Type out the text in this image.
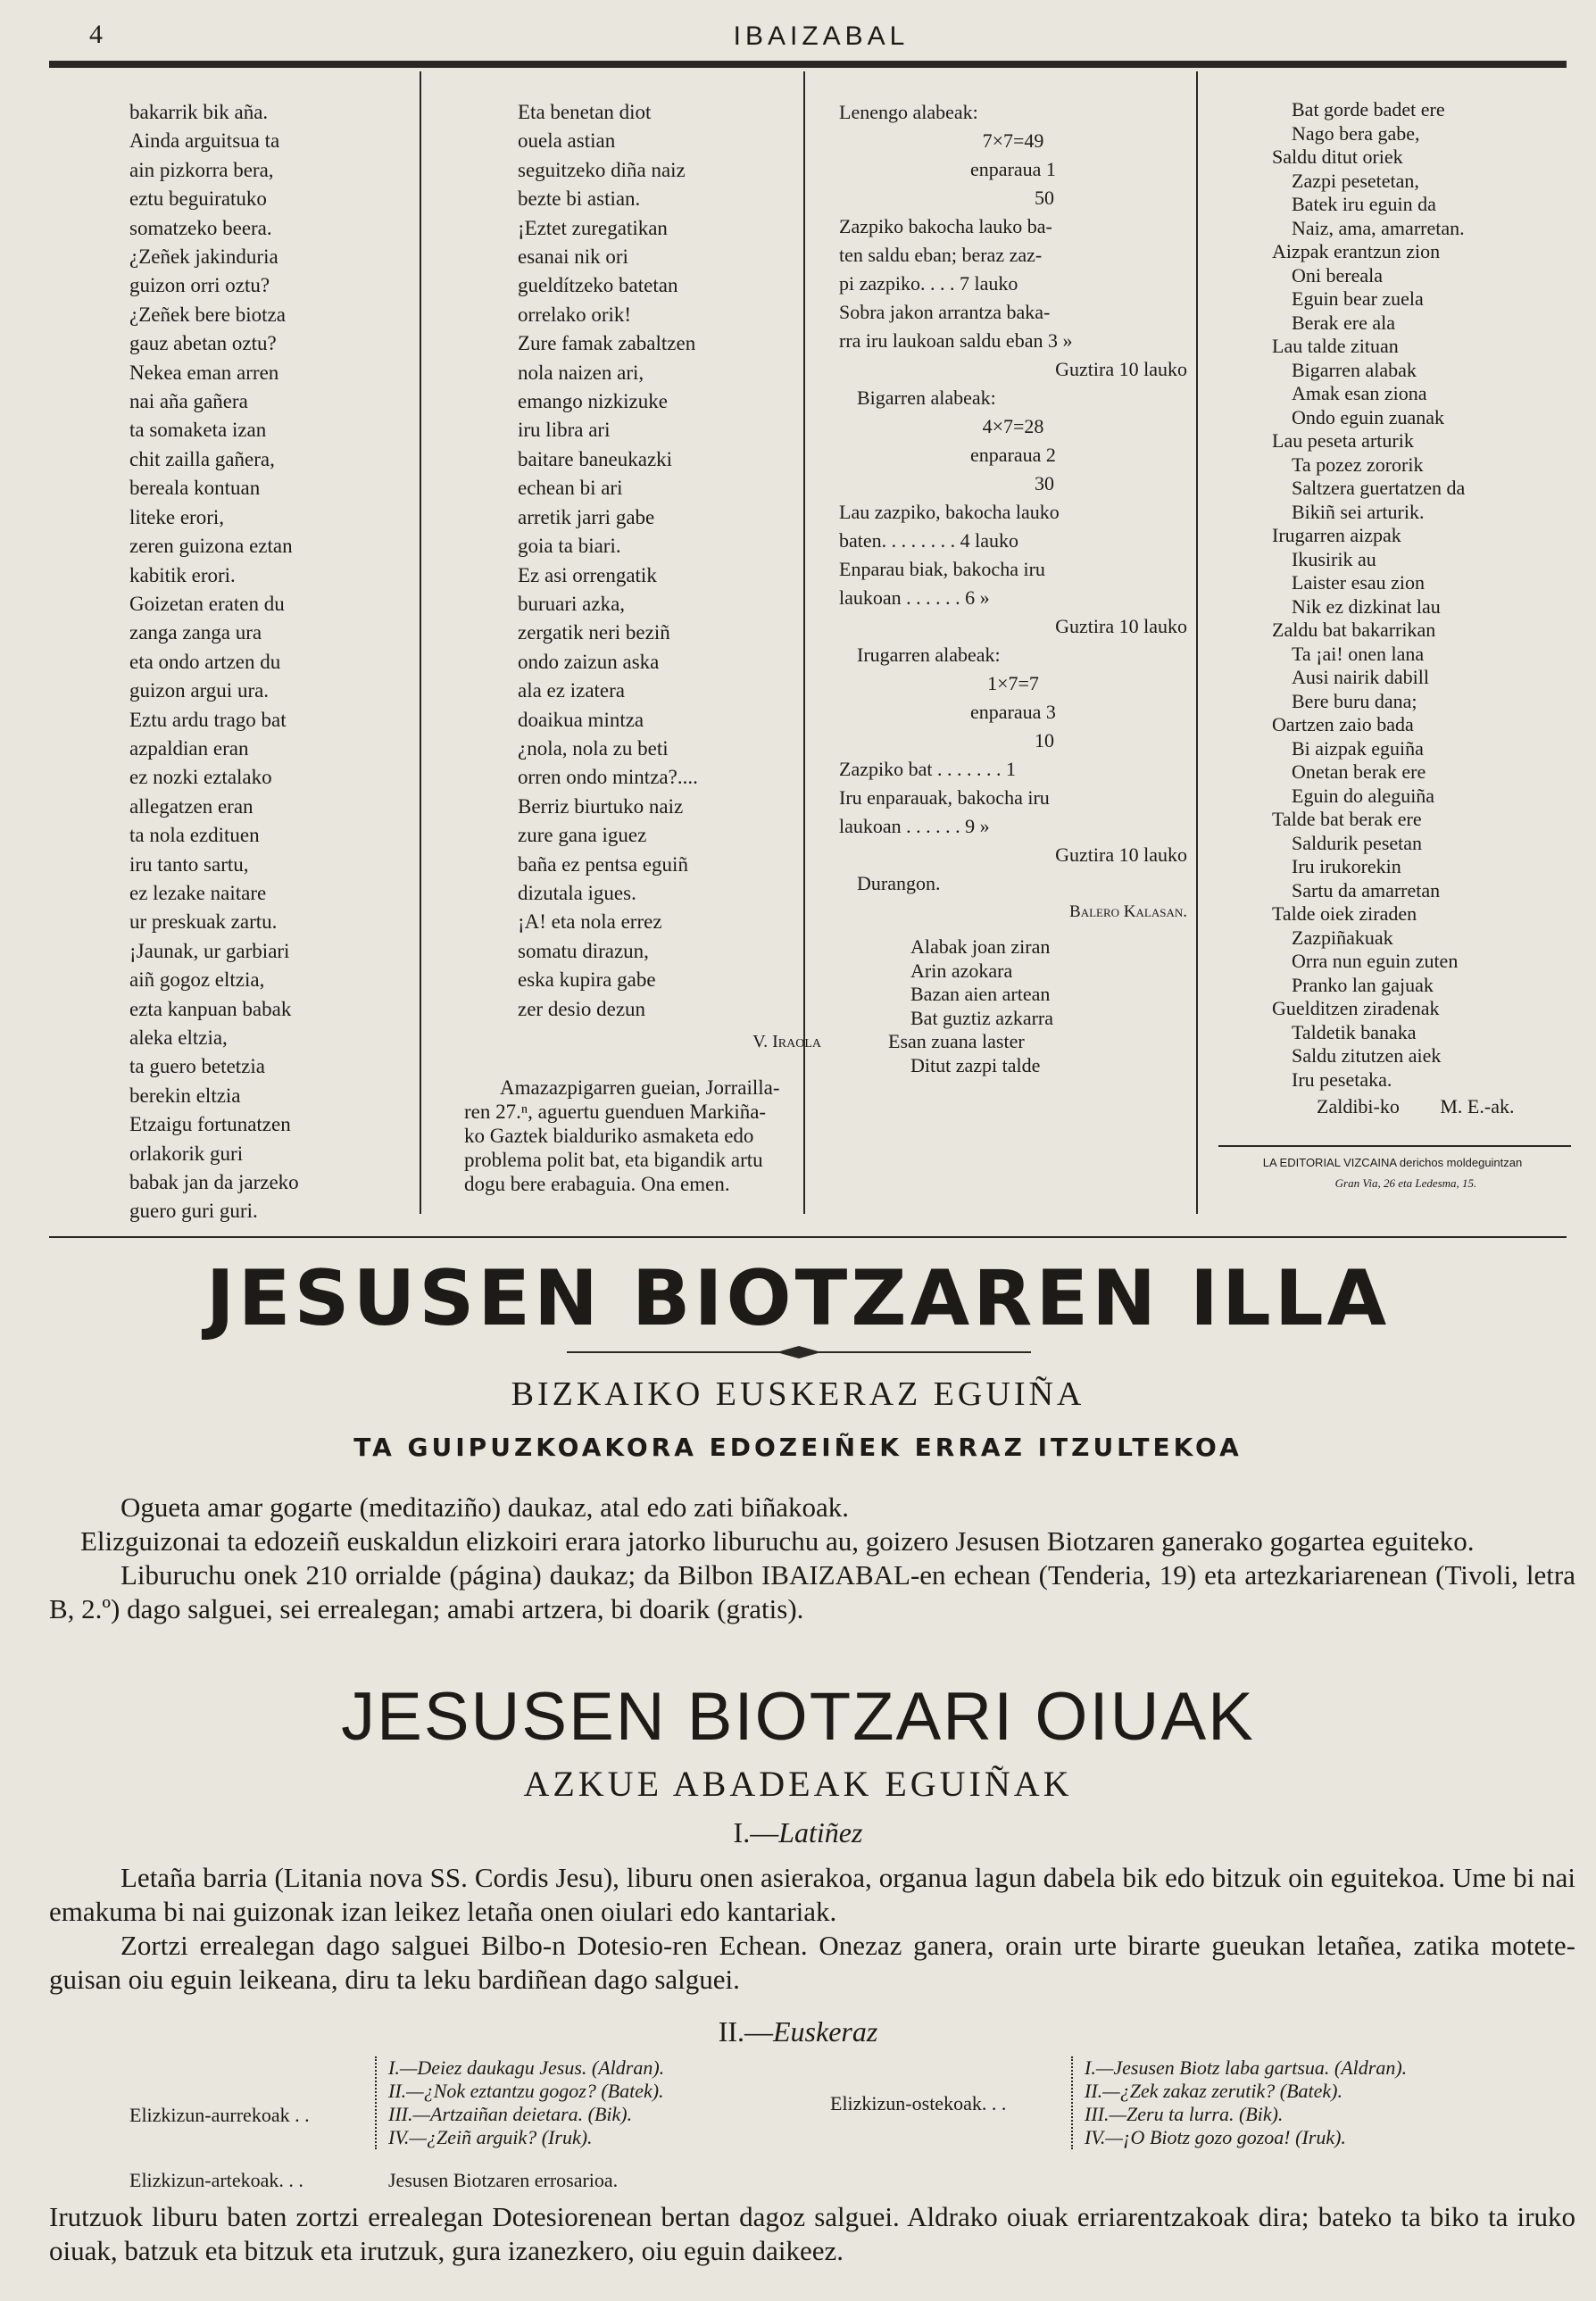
4	IBAIZABAL
bakarrik bik aña.
Ainda arguitsua ta
ain pizkorra bera,
eztu beguiratuko
somatzeko beera.
¿Zeñek jakinduria
guizon orri oztu?
¿Zeñek bere biotza
gauz abetan oztu?
Nekea eman arren
nai aña gañera
ta somaketa izan
chit zailla gañera,
bereala kontuan
liteke erori,
zeren guizona eztan
kabitik erori.
Goizetan eraten du
zanga zanga ura
eta ondo artzen du
guizon argui ura.
Eztu ardu trago bat
azpaldian eran
ez nozki eztalako
allegatzen eran
ta nola ezdituen
iru tanto sartu,
ez lezake naitare
ur preskuak zartu.
¡Jaunak, ur garbiari
aiñ gogoz eltzia,
ezta kanpuan babak
aleka eltzia,
ta guero betetzia
berekin eltzia
Etzaigu fortunatzen
orlakorik guri
babak jan da jarzeko
guero guri guri.
Eta benetan diot
ouela astian
seguitzeko diña naiz
bezte bi astian.
¡Eztet zuregatikan
esanai nik ori
gueldítzeko batetan
orrelako orik!
Zure famak zabaltzen
nola naizen ari,
emango nizkizuke
iru libra ari
baitare baneukazki
echean bi ari
arretik jarri gabe
goia ta biari.
Ez asi orrengatik
buruari azka,
zergatik neri beziñ
ondo zaizun aska
ala ez izatera
doaikua mintza
¿nola, nola zu beti
orren ondo mintza?....
Berriz biurtuko naiz
zure gana iguez
baña ez pentsa eguiñ
dizutala igues.
¡A! eta nola errez
somatu dirazun,
eska kupira gabe
zer desio dezun
V. Iraola
Amazazpigarren gueian, Jorrailla-
ren 27.ⁿ, aguertu guenduen Markiña-
ko Gaztek bialduriko asmaketa edo
problema polit bat, eta bigandik artu
dogu bere erabaguia. Ona emen.
Lenengo alabeak:
7×7=49
enparaua 1
50
Zazpiko bakocha lauko ba-
ten saldu eban; beraz zaz-
pi zazpiko. . . . 7 lauko
Sobra jakon arrantza baka-
rra iru laukoan saldu eban 3 »
Guztira 10 lauko
Bigarren alabeak:
4×7=28
enparaua 2
30
Lau zazpiko, bakocha lauko
baten. . . . . . . . 4 lauko
Enparau biak, bakocha iru
laukoan . . . . . . 6 »
Guztira 10 lauko
Irugarren alabeak:
1×7=7
enparaua 3
10
Zazpiko bat . . . . . . . 1
Iru enparauak, bakocha iru
laukoan . . . . . . 9 »
Guztira 10 lauko
Durangon.
Balero Kalasan.
Alabak joan ziran
Arin azokara
Bazan aien artean
Bat guztiz azkarra
Esan zuana laster
Ditut zazpi talde
Bat gorde badet ere
Nago bera gabe,
Saldu ditut oriek
Zazpi pesetetan,
Batek iru eguin da
Naiz, ama, amarretan.
Aizpak erantzun zion
Oni bereala
Eguin bear zuela
Berak ere ala
Lau talde zituan
Bigarren alabak
Amak esan ziona
Ondo eguin zuanak
Lau peseta arturik
Ta pozez zororik
Saltzera guertatzen da
Bikiñ sei arturik.
Irugarren aizpak
Ikusirik au
Laister esau zion
Nik ez dizkinat lau
Zaldu bat bakarrikan
Ta ¡ai! onen lana
Ausi nairik dabill
Bere buru dana;
Oartzen zaio bada
Bi aizpak eguiña
Onetan berak ere
Eguin do aleguiña
Talde bat berak ere
Saldurik pesetan
Iru irukorekin
Sartu da amarretan
Talde oiek ziraden
Zazpiñakuak
Orra nun eguin zuten
Pranko lan gajuak
Guelditzen ziradenak
Taldetik banaka
Saldu zitutzen aiek
Iru pesetaka.
Zaldibi-ko M. E.-ak.
LA EDITORIAL VIZCAINA derichos moldeguintzan
Gran Via, 26 eta Ledesma, 15.
JESUSEN BIOTZAREN ILLA
BIZKAIKO EUSKERAZ EGUIÑA
TA GUIPUZKOAKORA EDOZEIÑEK ERRAZ ITZULTEKOA

Ogueta amar gogarte (meditaziño) daukaz, atal edo zati biñakoak.

Elizguizonai ta edozeiñ euskaldun elizkoiri erara jatorko liburuchu au, goizero Jesusen Biotzaren ganerako gogartea eguiteko.

Liburuchu onek 210 orrialde (página) daukaz; da Bilbon IBAIZABAL-en echean (Tenderia, 19) eta artezkariarenean (Tivoli, letra B, 2.º) dago salguei, sei errealegan; amabi artzera, bi doarik (gratis).

JESUSEN BIOTZARI OIUAK
AZKUE ABADEAK EGUIÑAK
I.—Latiñez

Letaña barria (Litania nova SS. Cordis Jesu), liburu onen asierakoa, organua lagun dabela bik edo bitzuk oin eguitekoa. Ume bi nai emakuma bi nai guizonak izan leikez letaña onen oiulari edo kantariak.

Zortzi errealegan dago salguei Bilbo-n Dotesio-ren Echean. Onezaz ganera, orain urte birarte gueukan letañea, zatika motete-guisan oiu eguin leikeana, diru ta leku bardiñean dago salguei.

II.—Euskeraz
Elizkizun-aurrekoak . .
I.—Deiez daukagu Jesus. (Aldran).
II.—¿Nok eztantzu gogoz? (Batek).
III.—Artzaiñan deietara. (Bik).
IV.—¿Zeiñ arguik? (Iruk).
Elizkizun-ostekoak. . .
I.—Jesusen Biotz laba gartsua. (Aldran).
II.—¿Zek zakaz zerutik? (Batek).
III.—Zeru ta lurra. (Bik).
IV.—¡O Biotz gozo gozoa! (Iruk).
Elizkizun-artekoak. . .	Jesusen Biotzaren errosarioa.

Irutzuok liburu baten zortzi errealegan Dotesiorenean bertan dagoz salguei. Aldrako oiuak erriarentzakoak dira; bateko ta biko ta iruko oiuak, batzuk eta bitzuk eta irutzuk, gura izanezkero, oiu eguin daikeez.
